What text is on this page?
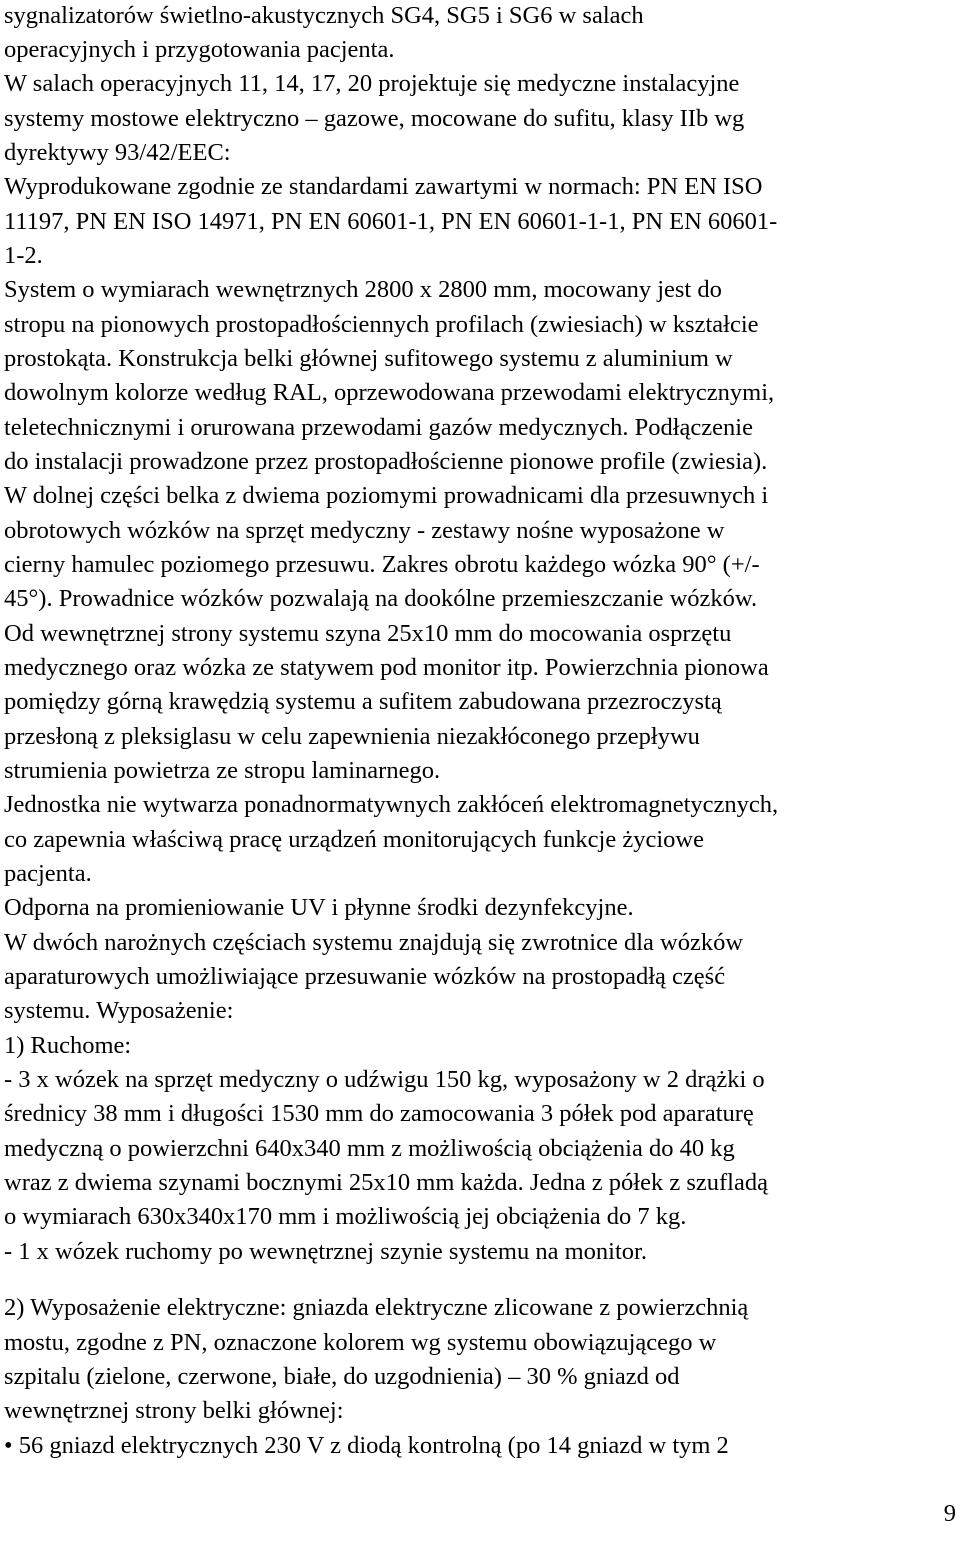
sygnalizatorów świetlno-akustycznych SG4, SG5 i SG6 w salach
operacyjnych i przygotowania pacjenta.
W salach operacyjnych 11, 14, 17, 20 projektuje się medyczne instalacyjne
systemy mostowe elektryczno – gazowe, mocowane do sufitu, klasy IIb wg
dyrektywy 93/42/EEC:
Wyprodukowane zgodnie ze standardami zawartymi w normach: PN EN ISO
11197, PN EN ISO 14971, PN EN 60601-1, PN EN 60601-1-1, PN EN 60601-
1-2.
System o wymiarach wewnętrznych 2800 x 2800 mm, mocowany jest do
stropu na pionowych prostopadłościennych profilach (zwiesiach) w kształcie
prostokąta. Konstrukcja belki głównej sufitowego systemu z aluminium w
dowolnym kolorze według RAL, oprzewodowana przewodami elektrycznymi,
teletechnicznymi i orurowana przewodami gazów medycznych. Podłączenie
do instalacji prowadzone przez prostopadłościenne pionowe profile (zwiesia).
W dolnej części belka z dwiema poziomymi prowadnicami dla przesuwnych i
obrotowych wózków na sprzęt medyczny - zestawy nośne wyposażone w
cierny hamulec poziomego przesuwu. Zakres obrotu każdego wózka 90° (+/-
45°). Prowadnice wózków pozwalają na dookólne przemieszczanie wózków.
Od wewnętrznej strony systemu szyna 25x10 mm do mocowania osprzętu
medycznego oraz wózka ze statywem pod monitor itp. Powierzchnia pionowa
pomiędzy górną krawędzią systemu a sufitem zabudowana przezroczystą
przesłoną z pleksiglasu w celu zapewnienia niezakłóconego przepływu
strumienia powietrza ze stropu laminarnego.
Jednostka nie wytwarza ponadnormatywnych zakłóceń elektromagnetycznych,
co zapewnia właściwą pracę urządzeń monitorujących funkcje życiowe
pacjenta.
Odporna na promieniowanie UV i płynne środki dezynfekcyjne.
W dwóch narożnych częściach systemu znajdują się zwrotnice dla wózków
aparaturowych umożliwiające przesuwanie wózków na prostopadłą część
systemu. Wyposażenie:
1) Ruchome:
- 3 x wózek na sprzęt medyczny o udźwigu 150 kg, wyposażony w 2 drążki o
średnicy 38 mm i długości 1530 mm do zamocowania 3 półek pod aparaturę
medyczną o powierzchni 640x340 mm z możliwością obciążenia do 40 kg
wraz z dwiema szynami bocznymi 25x10 mm każda. Jedna z półek z szufladą
o wymiarach 630x340x170 mm i możliwością jej obciążenia do 7 kg.
- 1 x wózek ruchomy po wewnętrznej szynie systemu na monitor.
2) Wyposażenie elektryczne: gniazda elektryczne zlicowane z powierzchnią
mostu, zgodne z PN, oznaczone kolorem wg systemu obowiązującego w
szpitalu (zielone, czerwone, białe, do uzgodnienia) – 30 % gniazd od
wewnętrznej strony belki głównej:
• 56 gniazd elektrycznych 230 V z diodą kontrolną (po 14 gniazd w tym 2
9
